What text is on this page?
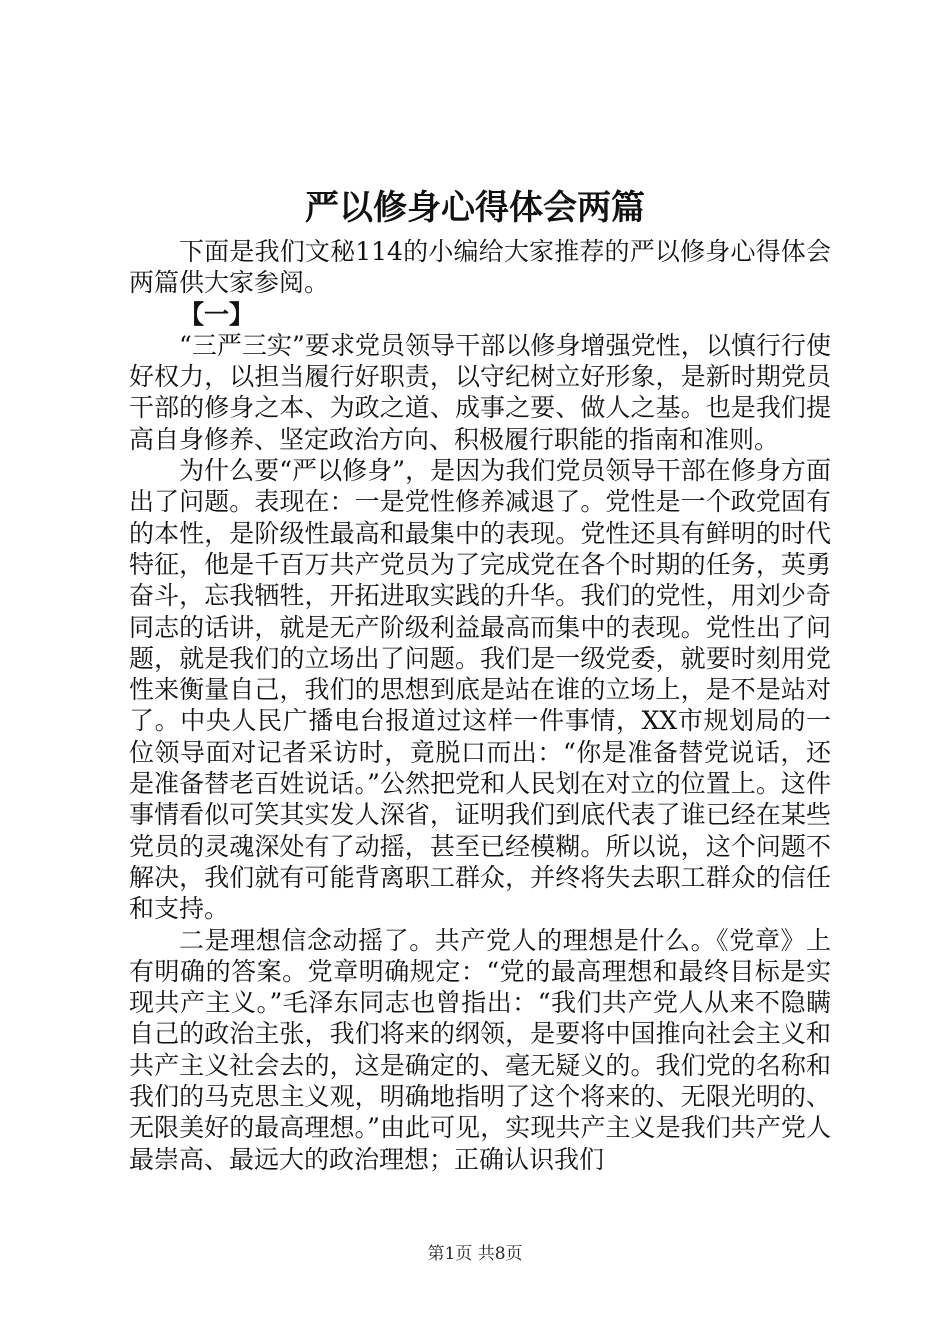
严以修身心得体会两篇

下面是我们文秘114的小编给大家推荐的严以修身心得体会两篇供大家参阅。

【一】

“三严三实”要求党员领导干部以修身增强党性，以慎行行使好权力，以担当履行好职责，以守纪树立好形象，是新时期党员干部的修身之本、为政之道、成事之要、做人之基。也是我们提高自身修养、坚定政治方向、积极履行职能的指南和准则。

为什么要“严以修身”，是因为我们党员领导干部在修身方面出了问题。表现在：一是党性修养减退了。党性是一个政党固有的本性，是阶级性最高和最集中的表现。党性还具有鲜明的时代特征，他是千百万共产党员为了完成党在各个时期的任务，英勇奋斗，忘我牺牲，开拓进取实践的升华。我们的党性，用刘少奇同志的话讲，就是无产阶级利益最高而集中的表现。党性出了问题，就是我们的立场出了问题。我们是一级党委，就要时刻用党性来衡量自己，我们的思想到底是站在谁的立场上，是不是站对了。中央人民广播电台报道过这样一件事情，XX市规划局的一位领导面对记者采访时，竟脱口而出：“你是准备替党说话，还是准备替老百姓说话。”公然把党和人民划在对立的位置上。这件事情看似可笑其实发人深省，证明我们到底代表了谁已经在某些党员的灵魂深处有了动摇，甚至已经模糊。所以说，这个问题不解决，我们就有可能背离职工群众，并终将失去职工群众的信任和支持。

二是理想信念动摇了。共产党人的理想是什么。《党章》上有明确的答案。党章明确规定：“党的最高理想和最终目标是实现共产主义。”毛泽东同志也曾指出：“我们共产党人从来不隐瞒自己的政治主张，我们将来的纲领，是要将中国推向社会主义和共产主义社会去的，这是确定的、毫无疑义的。我们党的名称和我们的马克思主义观，明确地指明了这个将来的、无限光明的、无限美好的最高理想。”由此可见，实现共产主义是我们共产党人最崇高、最远大的政治理想；正确认识我们

第1页 共8页
